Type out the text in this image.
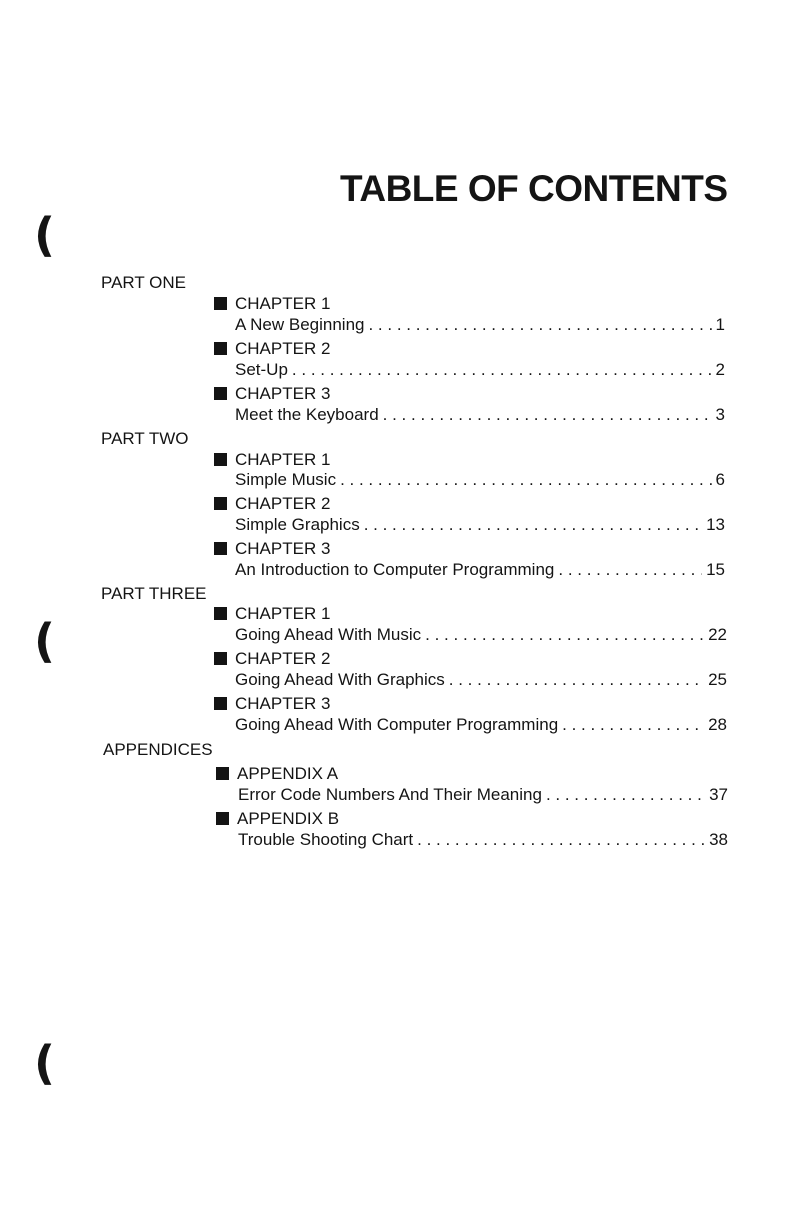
TABLE OF CONTENTS
(
(
(
PART ONE
CHAPTER 1
A New Beginning . . .	1
CHAPTER 2
Set-Up . . .	2
CHAPTER 3
Meet the Keyboard . . .	3
PART TWO
CHAPTER 1
Simple Music . . .	6
CHAPTER 2
Simple Graphics . . .	13
CHAPTER 3
An Introduction to Computer Programming . . .	15
PART THREE
CHAPTER 1
Going Ahead With Music . . .	22
CHAPTER 2
Going Ahead With Graphics . . .	25
CHAPTER 3
Going Ahead With Computer Programming . . .	28
APPENDICES
APPENDIX A
Error Code Numbers And Their Meaning . . .	37
APPENDIX B
Trouble Shooting Chart . . .	38
